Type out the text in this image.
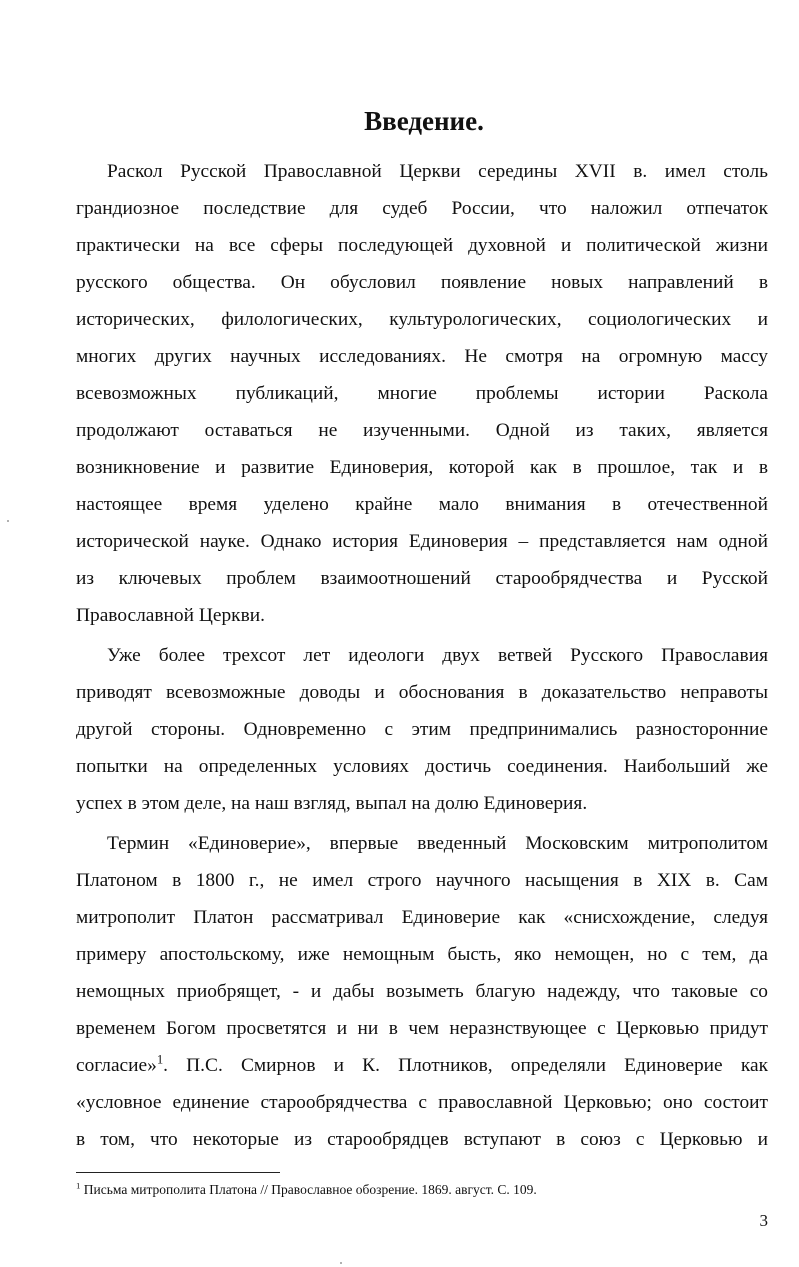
Введение.
Раскол Русской Православной Церкви середины XVII в. имел столь
грандиозное последствие для судеб России, что наложил отпечаток
практически на все сферы последующей духовной и политической жизни
русского общества. Он обусловил появление новых направлений в
исторических, филологических, культурологических, социологических и
многих других научных исследованиях. Не смотря на огромную массу
всевозможных публикаций, многие проблемы истории Раскола
продолжают оставаться не изученными. Одной из таких, является
возникновение и развитие Единоверия, которой как в прошлое, так и в
настоящее время уделено крайне мало внимания в отечественной
исторической науке. Однако история Единоверия – представляется нам одной
из ключевых проблем взаимоотношений старообрядчества и Русской
Православной Церкви.
Уже более трехсот лет идеологи двух ветвей Русского Православия
приводят всевозможные доводы и обоснования в доказательство неправоты
другой стороны. Одновременно с этим предпринимались разносторонние
попытки на определенных условиях достичь соединения. Наибольший же
успех в этом деле, на наш взгляд, выпал на долю Единоверия.
Термин «Единоверие», впервые введенный Московским митрополитом
Платоном в 1800 г., не имел строго научного насыщения в XIX в. Сам
митрополит Платон рассматривал Единоверие как «снисхождение, следуя
примеру апостольскому, иже немощным бысть, яко немощен, но с тем, да
немощных приобрящет, - и дабы возыметь благую надежду, что таковые со
временем Богом просветятся и ни в чем неразнствующее с Церковью придут
согласие»$^1$. П.С. Смирнов и К. Плотников, определяли Единоверие как
«условное единение старообрядчества с православной Церковью; оно состоит
в том, что некоторые из старообрядцев вступают в союз с Церковью и
$^1$ Письма митрополита Платона // Православное обозрение. 1869. август. С. 109.
3
